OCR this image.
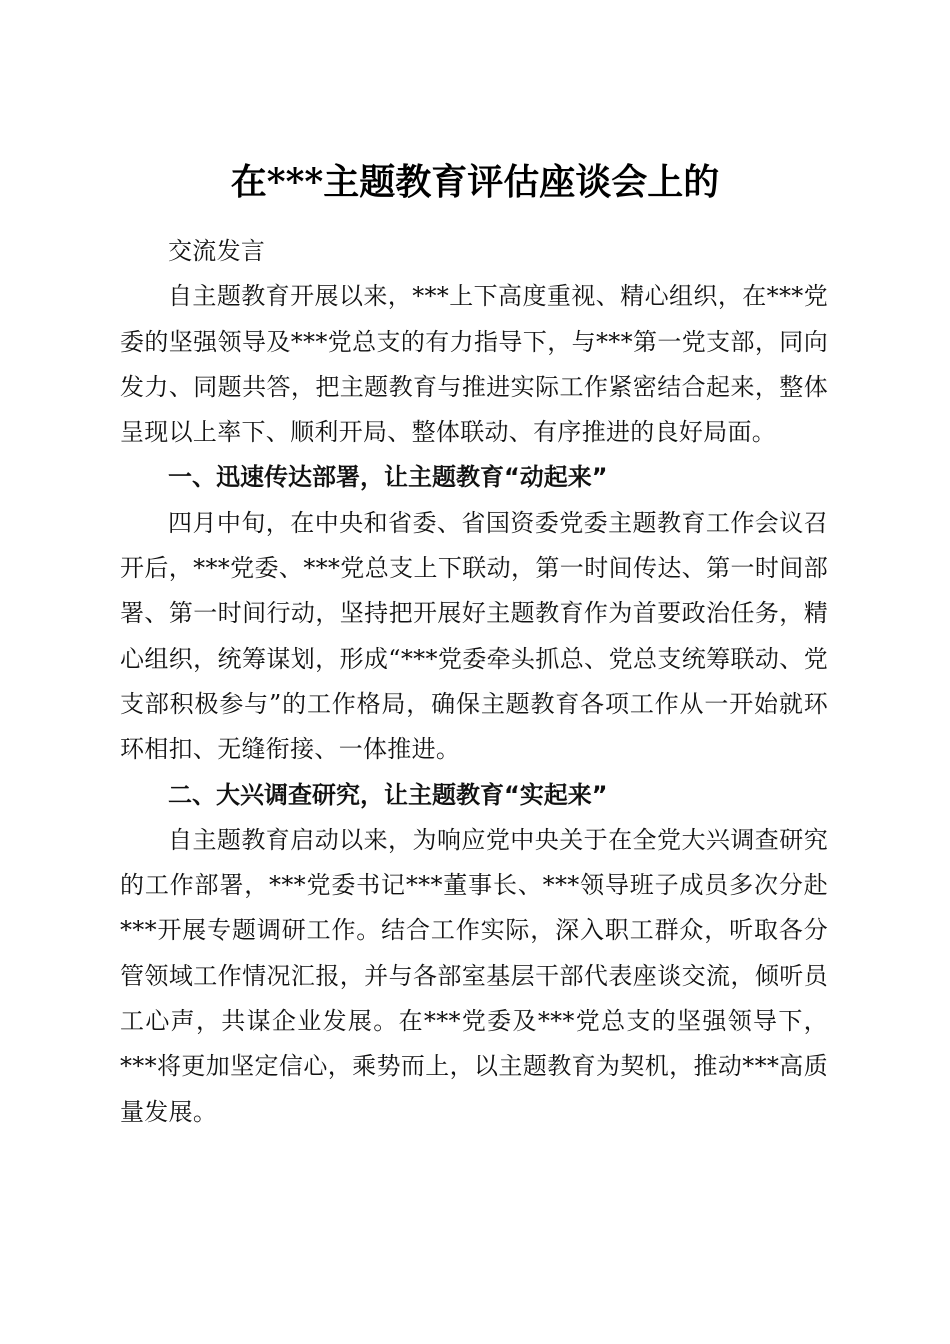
在***主题教育评估座谈会上的

交流发言

自主题教育开展以来，***上下高度重视、精心组织，在***党委的坚强领导及***党总支的有力指导下，与***第一党支部，同向发力、同题共答，把主题教育与推进实际工作紧密结合起来，整体呈现以上率下、顺利开局、整体联动、有序推进的良好局面。

一、迅速传达部署，让主题教育“动起来”

四月中旬，在中央和省委、省国资委党委主题教育工作会议召开后，***党委、***党总支上下联动，第一时间传达、第一时间部署、第一时间行动，坚持把开展好主题教育作为首要政治任务，精心组织，统筹谋划，形成“***党委牵头抓总、党总支统筹联动、党支部积极参与”的工作格局，确保主题教育各项工作从一开始就环环相扣、无缝衔接、一体推进。

二、大兴调查研究，让主题教育“实起来”

自主题教育启动以来，为响应党中央关于在全党大兴调查研究的工作部署，***党委书记***董事长、***领导班子成员多次分赴***开展专题调研工作。结合工作实际，深入职工群众，听取各分管领域工作情况汇报，并与各部室基层干部代表座谈交流，倾听员工心声，共谋企业发展。在***党委及***党总支的坚强领导下，***将更加坚定信心，乘势而上，以主题教育为契机，推动***高质量发展。
